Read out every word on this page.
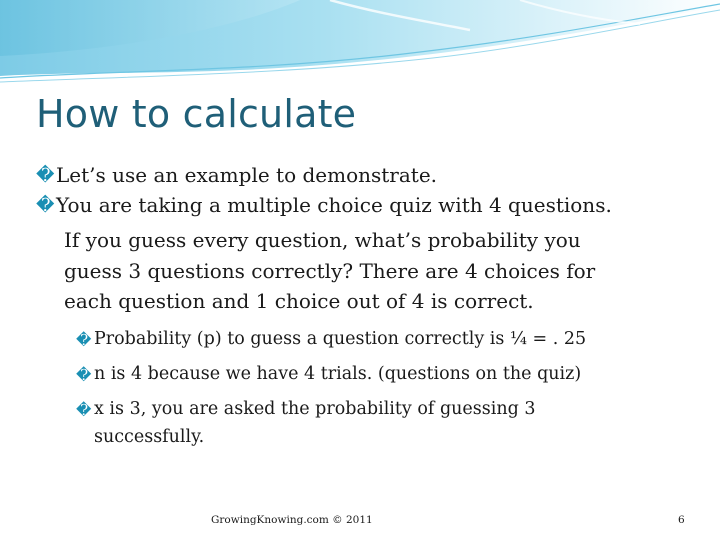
How to calculate
� Let’s use an example to demonstrate.

� You are taking a multiple choice quiz with 4 questions.

If you guess every question, what’s probability you

guess 3 questions correctly? There are 4 choices for

each question and 1 choice out of 4 is correct.

� Probability (p) to guess a question correctly is ¼ = . 25

� n is 4 because we have 4 trials. (questions on the quiz)

� x is 3, you are asked the probability of guessing 3

successfully.

GrowingKnowing.com © 2011	6
